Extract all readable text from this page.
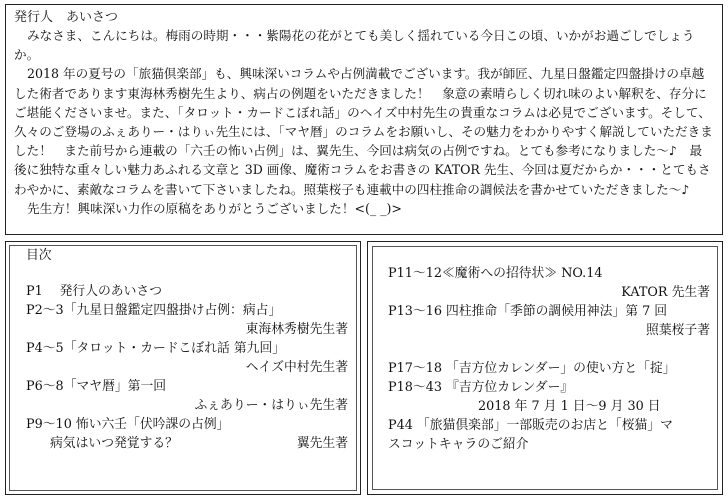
発行人　あいさつ

みなさま、こんにちは。梅雨の時期・・・紫陽花の花がとても美しく揺れている今日この頃、いかがお過ごしでしょうか。

2018 年の夏号の「旅猫倶楽部」も、興味深いコラムや占例満載でございます。我が師匠、九星日盤鑑定四盤掛けの卓越した術者であります東海林秀樹先生より、病占の例題をいただきました！　象意の素晴らしく切れ味のよい解釈を、存分にご堪能くださいませ。また、「タロット・カードこぼれ話」のヘイズ中村先生の貴重なコラムは必見でございます。そして、久々のご登場のふぇありー・はりぃ先生には、「マヤ暦」のコラムをお願いし、その魅力をわかりやすく解説していただきました！　また前号から連載の「六壬の怖い占例」は、翼先生、今回は病気の占例ですね。とても参考になりました～♪　最後に独特な重々しい魅力あふれる文章と 3D 画像、魔術コラムをお書きの KATOR 先生、今回は夏だからか・・・とてもさわやかに、素敵なコラムを書いて下さいましたね。照葉桜子も連載中の四柱推命の調候法を書かせていただきました～♪

先生方！興味深い力作の原稿をありがとうございました！<(_ _)>

目次
P1　 発行人のあいさつ
P2～3「九星日盤鑑定四盤掛け占例：病占」
東海林秀樹先生著
P4～5「タロット・カードこぼれ話 第九回」
ヘイズ中村先生著
P6～8「マヤ暦」第一回
ふぇありー・はりぃ先生著
P9～10 怖い六壬「伏吟課の占例」
病気はいつ発覚する？	翼先生著
P11～12≪魔術への招待状≫ NO.14
KATOR 先生著
P13～16 四柱推命「季節の調候用神法」第 7 回
照葉桜子著
P17～18 「吉方位カレンダー」の使い方と「掟」
P18～43 『吉方位カレンダー』
2018 年 7 月 1 日～9 月 30 日
P44 「旅猫倶楽部」一部販売のお店と「桜猫」マ
スコットキャラのご紹介
